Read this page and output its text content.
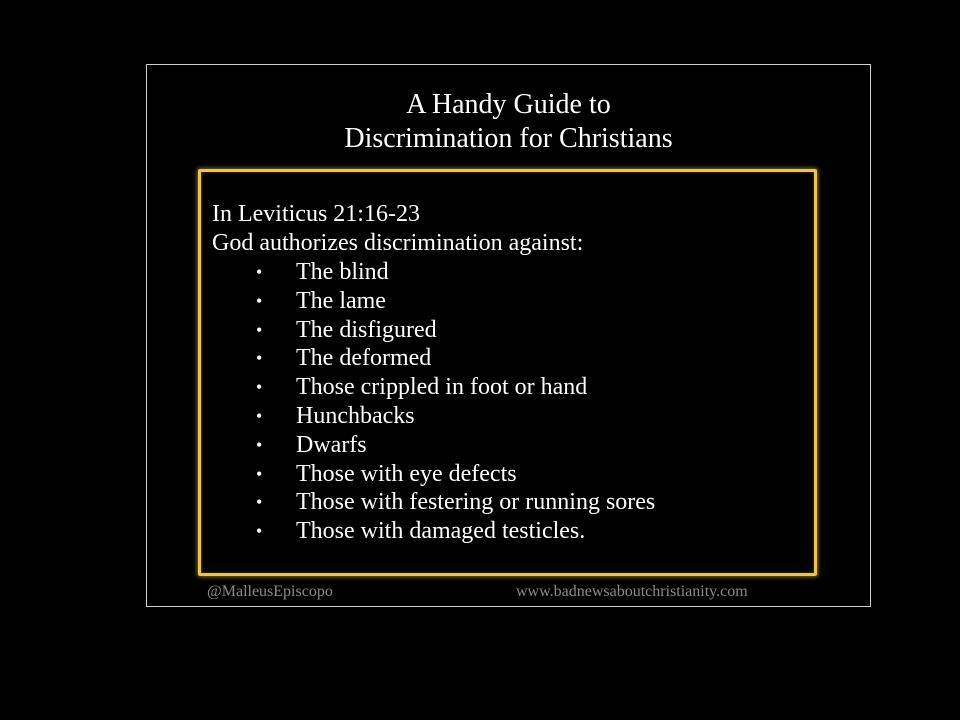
A Handy Guide to
Discrimination for Christians
In Leviticus 21:16-23
God authorizes discrimination against:
• The blind
• The lame
• The disfigured
• The deformed
• Those crippled in foot or hand
• Hunchbacks
• Dwarfs
• Those with eye defects
• Those with festering or running sores
• Those with damaged testicles.
@MalleusEpiscopo	www.badnewsaboutchristianity.com
